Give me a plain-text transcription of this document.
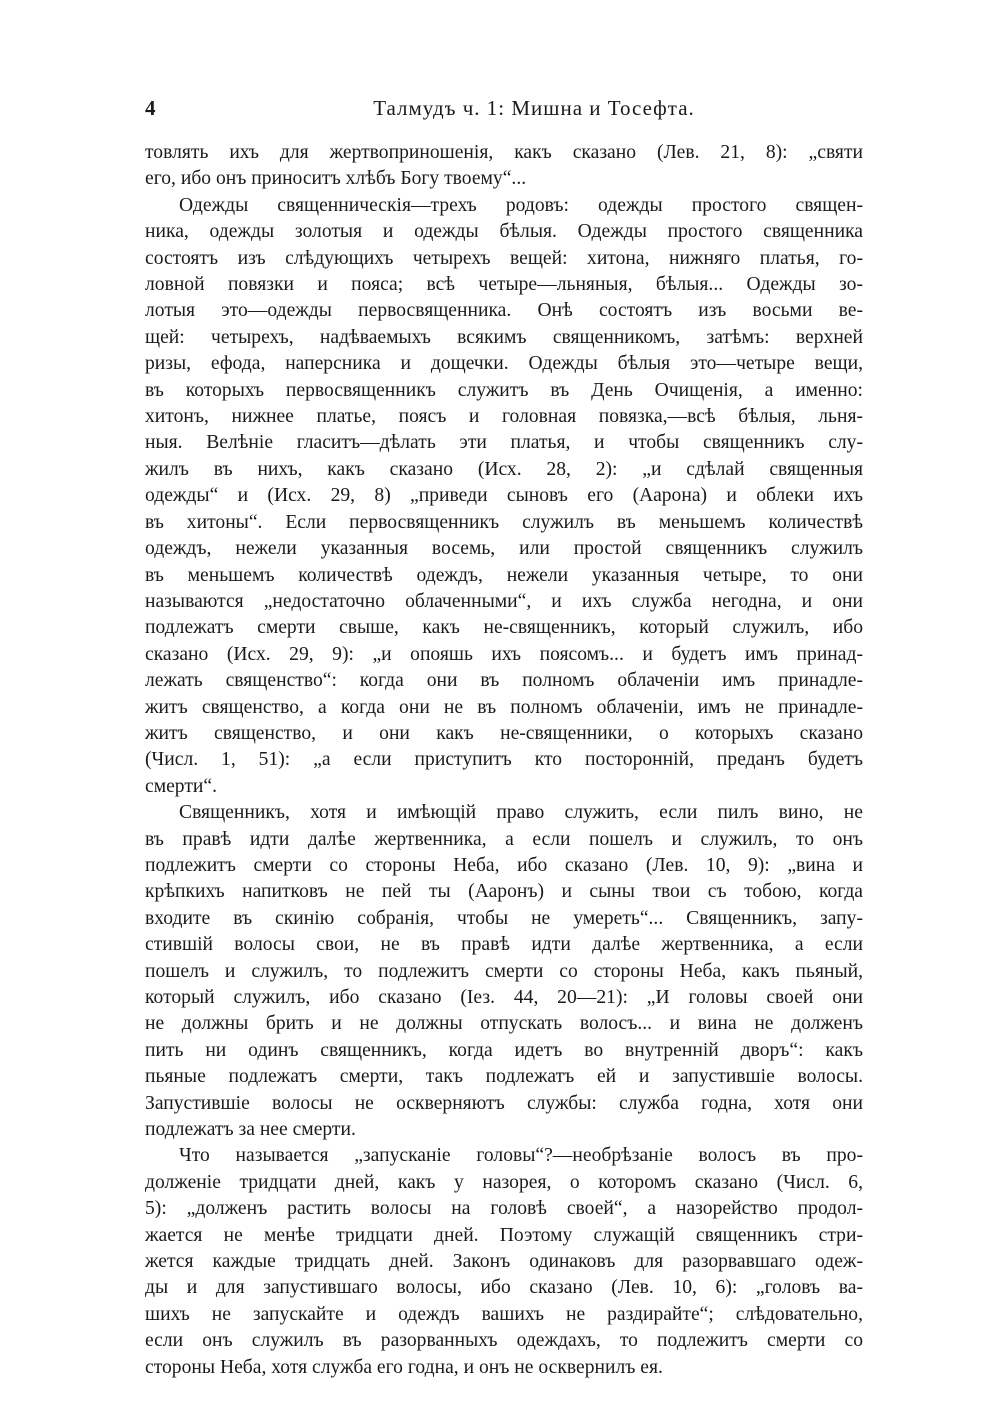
4	Талмудъ ч. 1: Мишна и Тосефта.
товлять ихъ для жертвоприношенія, какъ сказано (Лев. 21, 8): „святи
его, ибо онъ приноситъ хлѣбъ Богу твоему“...
Одежды священническія—трехъ родовъ: одежды простого священ-
ника, одежды золотыя и одежды бѣлыя. Одежды простого священника
состоятъ изъ слѣдующихъ четырехъ вещей: хитона, нижняго платья, го-
ловной повязки и пояса; всѣ четыре—льняныя, бѣлыя... Одежды зо-
лотыя это—одежды первосвященника. Онѣ состоятъ изъ восьми ве-
щей: четырехъ, надѣваемыхъ всякимъ священникомъ, затѣмъ: верхней
ризы, ефода, наперсника и дощечки. Одежды бѣлыя это—четыре вещи,
въ которыхъ первосвященникъ служитъ въ День Очищенія, а именно:
хитонъ, нижнее платье, поясъ и головная повязка,—всѣ бѣлыя, льня-
ныя. Велѣніе гласитъ—дѣлать эти платья, и чтобы священникъ слу-
жилъ въ нихъ, какъ сказано (Исх. 28, 2): „и сдѣлай священныя
одежды“ и (Исх. 29, 8) „приведи сыновъ его (Аарона) и облеки ихъ
въ хитоны“. Если первосвященникъ служилъ въ меньшемъ количествѣ
одеждъ, нежели указанныя восемь, или простой священникъ служилъ
въ меньшемъ количествѣ одеждъ, нежели указанныя четыре, то они
называются „недостаточно облаченными“, и ихъ служба негодна, и они
подлежатъ смерти свыше, какъ не-священникъ, который служилъ, ибо
сказано (Исх. 29, 9): „и опояшь ихъ поясомъ... и будетъ имъ принад-
лежать священство“: когда они въ полномъ облаченіи имъ принадле-
житъ священство, а когда они не въ полномъ облаченіи, имъ не принадле-
житъ священство, и они какъ не-священники, о которыхъ сказано
(Числ. 1, 51): „а если приступитъ кто посторонній, преданъ будетъ
смерти“.
Священникъ, хотя и имѣющій право служить, если пилъ вино, не
въ правѣ идти далѣе жертвенника, а если пошелъ и служилъ, то онъ
подлежитъ смерти со стороны Неба, ибо сказано (Лев. 10, 9): „вина и
крѣпкихъ напитковъ не пей ты (Ааронъ) и сыны твои съ тобою, когда
входите въ скинію собранія, чтобы не умереть“... Священникъ, запу-
стившій волосы свои, не въ правѣ идти далѣе жертвенника, а если
пошелъ и служилъ, то подлежитъ смерти со стороны Неба, какъ пьяный,
который служилъ, ибо сказано (Iез. 44, 20—21): „И головы своей они
не должны брить и не должны отпускать волосъ... и вина не долженъ
пить ни одинъ священникъ, когда идетъ во внутренній дворъ“: какъ
пьяные подлежатъ смерти, такъ подлежатъ ей и запустившіе волосы.
Запустившіе волосы не оскверняютъ службы: служба годна, хотя они
подлежатъ за нее смерти.
Что называется „запусканіе головы“?—необрѣзаніе волосъ въ про-
долженіе тридцати дней, какъ у назорея, о которомъ сказано (Числ. 6,
5): „долженъ растить волосы на головѣ своей“, а назорейство продол-
жается не менѣе тридцати дней. Поэтому служащій священникъ стри-
жется каждые тридцать дней. Законъ одинаковъ для разорвавшаго одеж-
ды и для запустившаго волосы, ибо сказано (Лев. 10, 6): „головъ ва-
шихъ не запускайте и одеждъ вашихъ не раздирайте“; слѣдовательно,
если онъ служилъ въ разорванныхъ одеждахъ, то подлежитъ смерти со
стороны Неба, хотя служба его годна, и онъ не осквернилъ ея.
